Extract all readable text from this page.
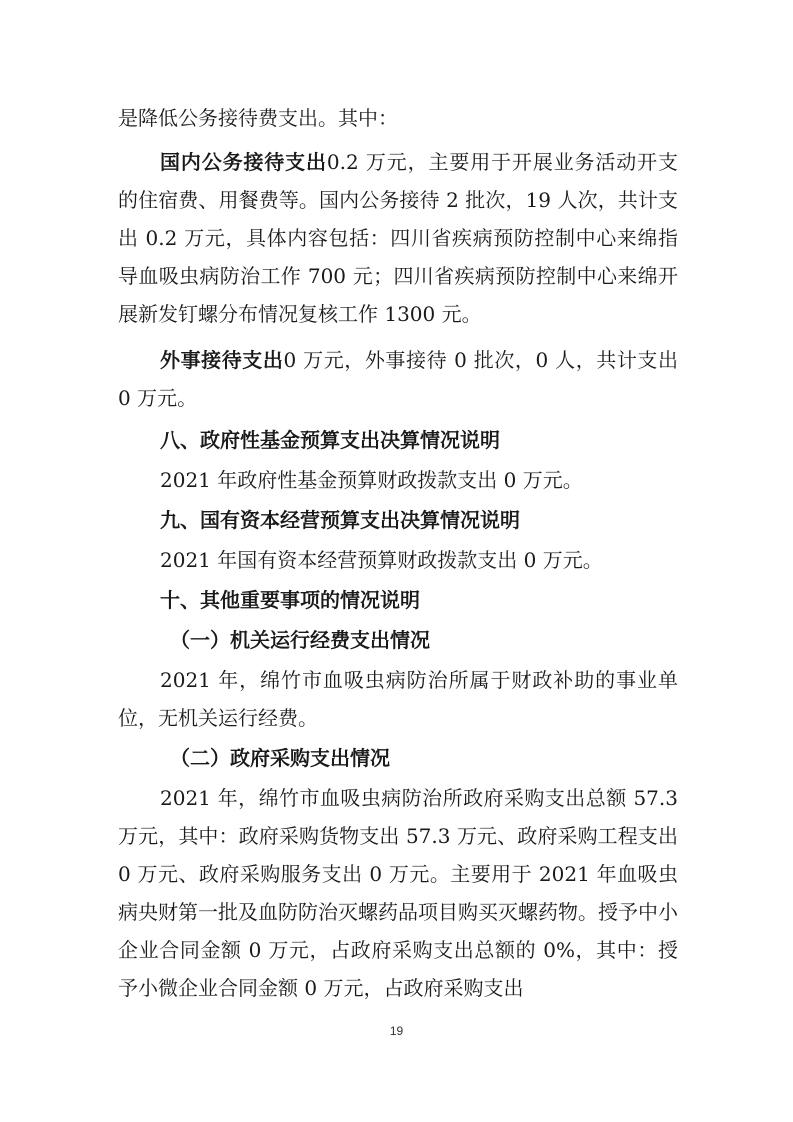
是降低公务接待费支出。其中：

国内公务接待支出0.2 万元，主要用于开展业务活动开支的住宿费、用餐费等。国内公务接待 2 批次，19 人次，共计支出 0.2 万元，具体内容包括：四川省疾病预防控制中心来绵指导血吸虫病防治工作 700 元；四川省疾病预防控制中心来绵开展新发钉螺分布情况复核工作 1300 元。

外事接待支出0 万元，外事接待 0 批次，0 人，共计支出 0 万元。

八、政府性基金预算支出决算情况说明

2021 年政府性基金预算财政拨款支出 0 万元。

九、国有资本经营预算支出决算情况说明

2021 年国有资本经营预算财政拨款支出 0 万元。

十、其他重要事项的情况说明

（一）机关运行经费支出情况

2021 年，绵竹市血吸虫病防治所属于财政补助的事业单位，无机关运行经费。

（二）政府采购支出情况

2021 年，绵竹市血吸虫病防治所政府采购支出总额 57.3 万元，其中：政府采购货物支出 57.3 万元、政府采购工程支出 0 万元、政府采购服务支出 0 万元。主要用于 2021 年血吸虫病央财第一批及血防防治灭螺药品项目购买灭螺药物。授予中小企业合同金额 0 万元，占政府采购支出总额的 0%，其中：授予小微企业合同金额 0 万元，占政府采购支出

19
